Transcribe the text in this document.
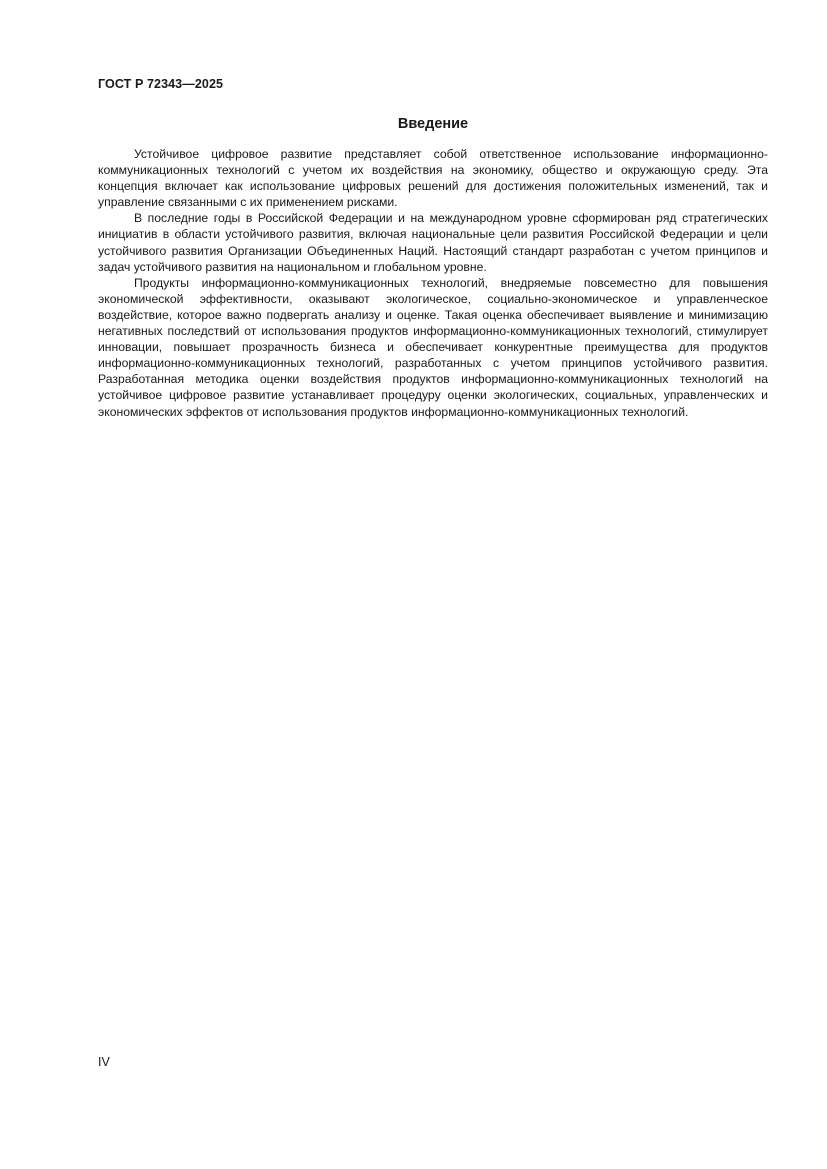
ГОСТ Р 72343—2025
Введение

Устойчивое цифровое развитие представляет собой ответственное использование информационно-коммуникационных технологий с учетом их воздействия на экономику, общество и окружающую среду. Эта концепция включает как использование цифровых решений для достижения положительных изменений, так и управление связанными с их применением рисками.

В последние годы в Российской Федерации и на международном уровне сформирован ряд стратегических инициатив в области устойчивого развития, включая национальные цели развития Российской Федерации и цели устойчивого развития Организации Объединенных Наций. Настоящий стандарт разработан с учетом принципов и задач устойчивого развития на национальном и глобальном уровне.

Продукты информационно-коммуникационных технологий, внедряемые повсеместно для повышения экономической эффективности, оказывают экологическое, социально-экономическое и управленческое воздействие, которое важно подвергать анализу и оценке. Такая оценка обеспечивает выявление и минимизацию негативных последствий от использования продуктов информационно-коммуникационных технологий, стимулирует инновации, повышает прозрачность бизнеса и обеспечивает конкурентные преимущества для продуктов информационно-коммуникационных технологий, разработанных с учетом принципов устойчивого развития. Разработанная методика оценки воздействия продуктов информационно-коммуникационных технологий на устойчивое цифровое развитие устанавливает процедуру оценки экологических, социальных, управленческих и экономических эффектов от использования продуктов информационно-коммуникационных технологий.

IV
